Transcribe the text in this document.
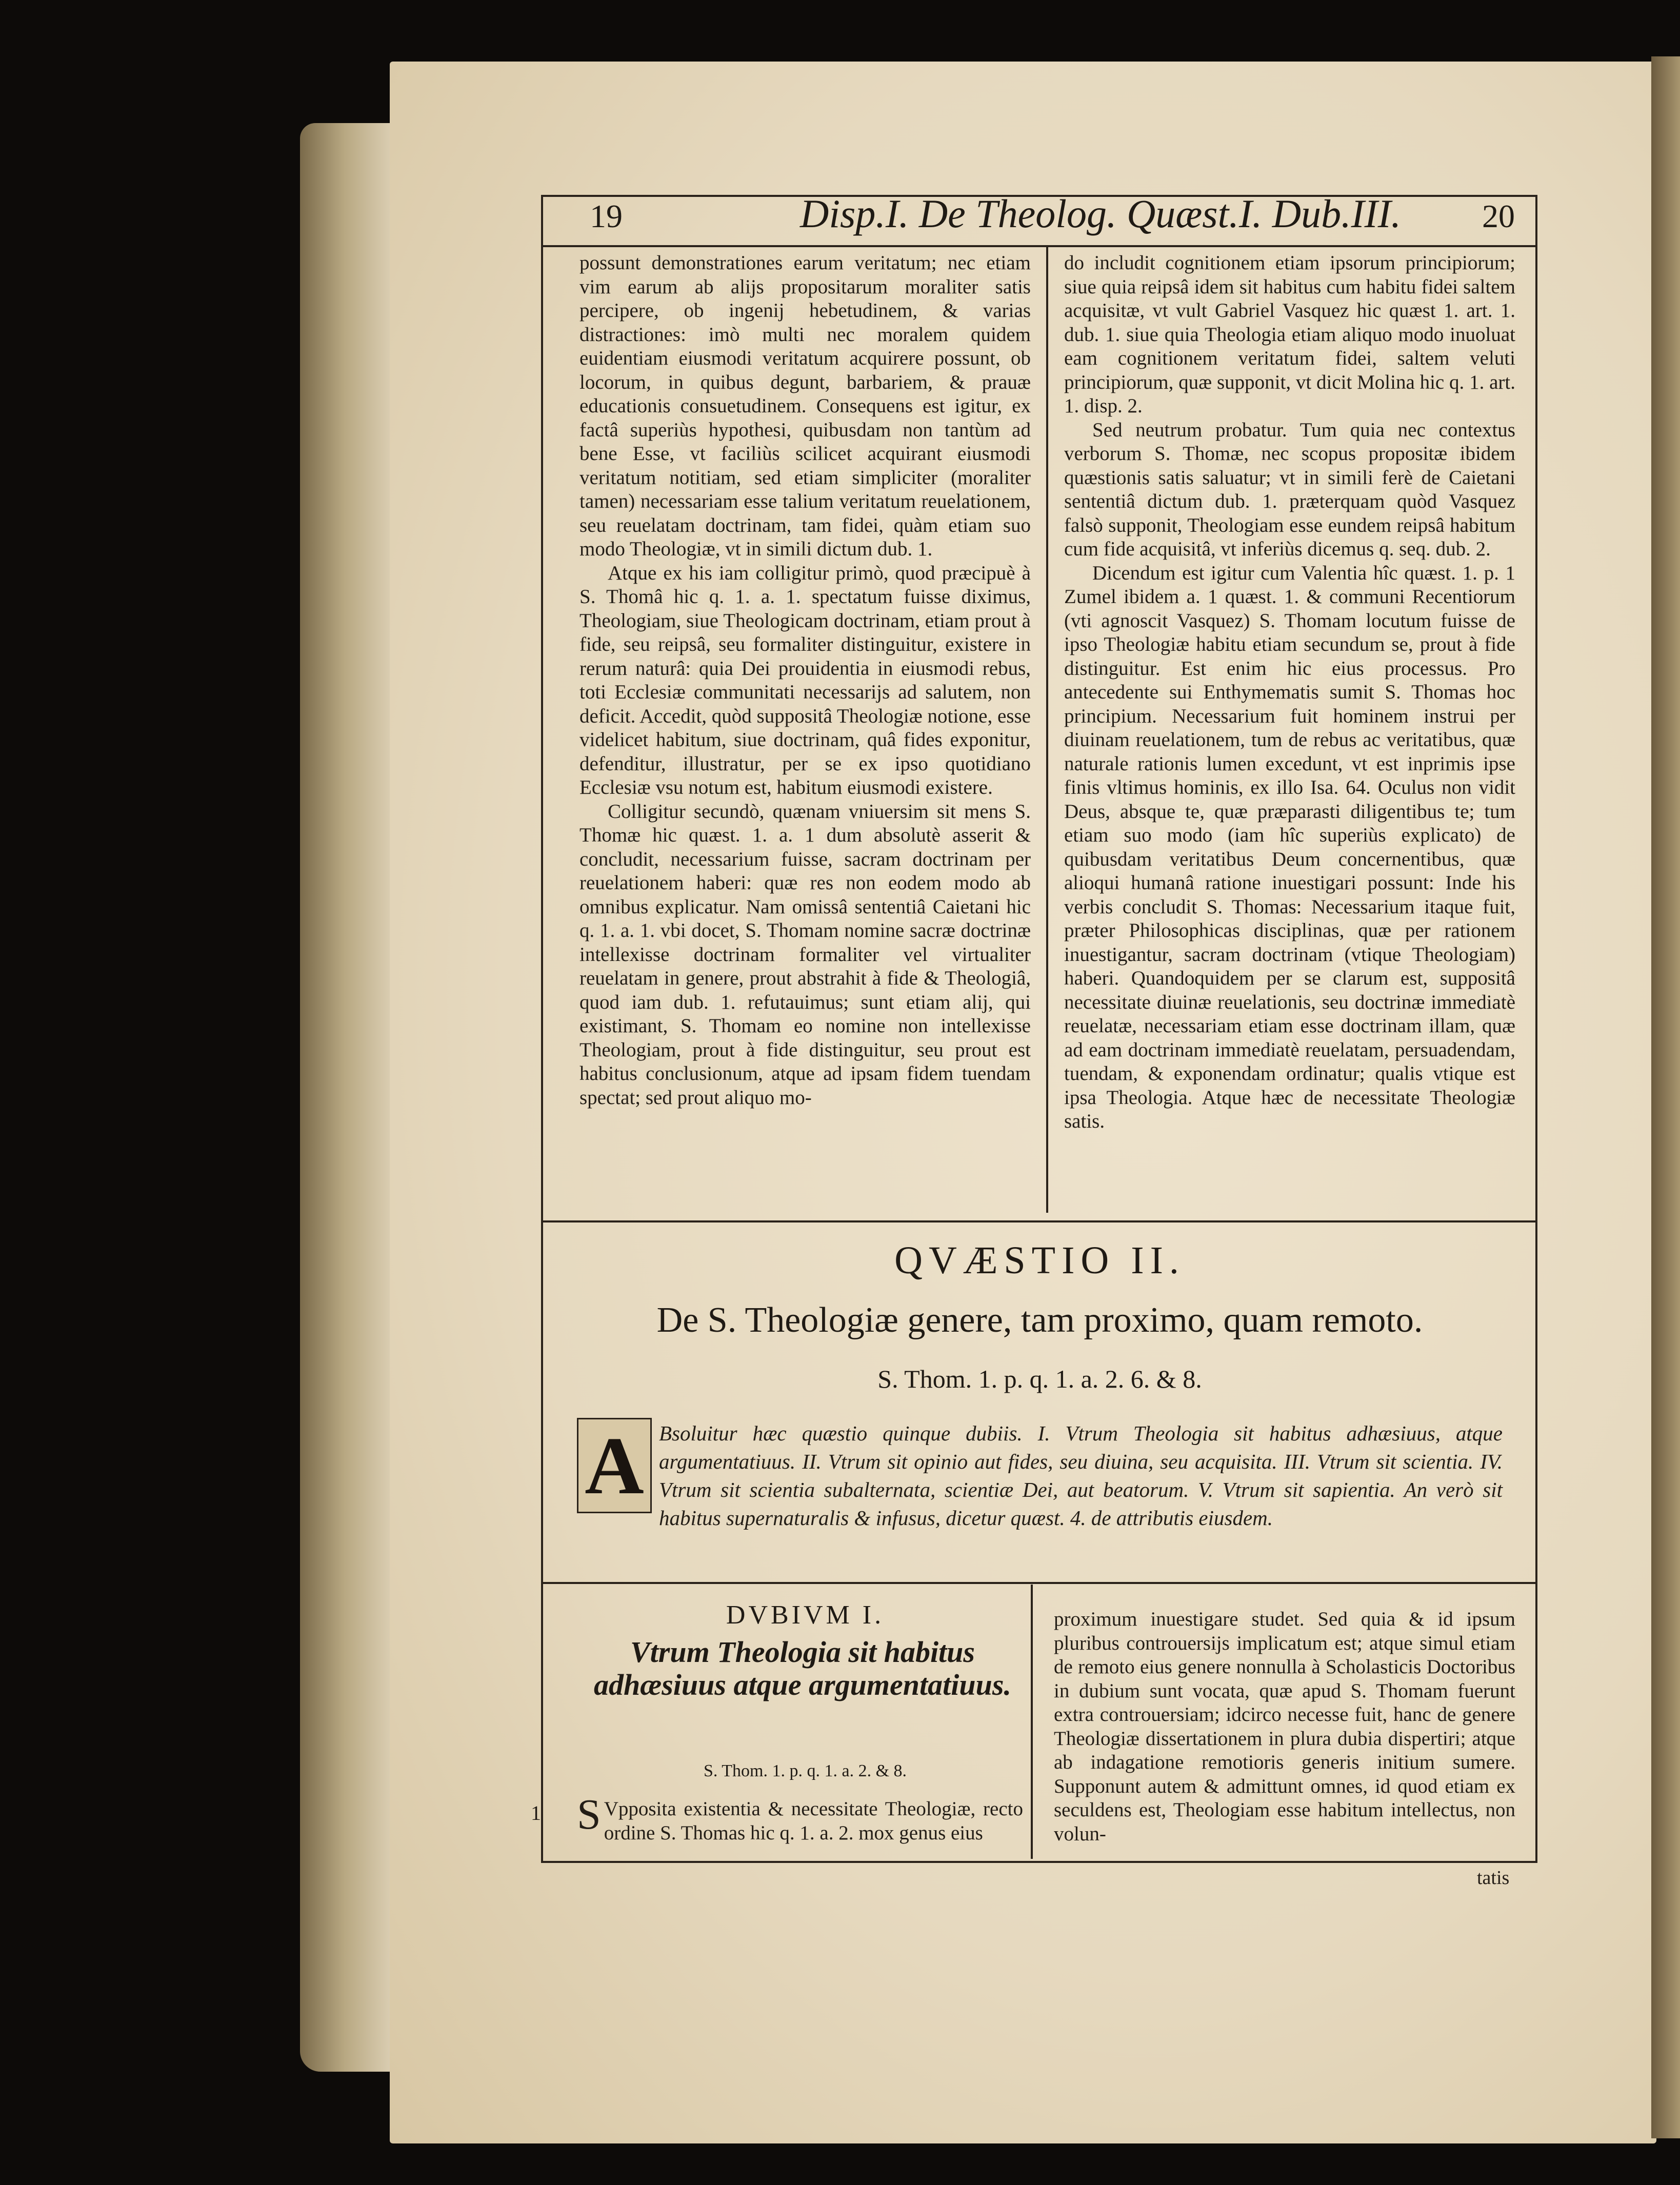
19	Disp.I. De Theolog. Quæst.I. Dub.III. 20

possunt demonstrationes earum veritatum; nec etiam vim earum ab alijs propositarum moraliter satis percipere, ob ingenij hebetudinem, & varias distractiones: imò multi nec moralem quidem euidentiam eiusmodi veritatum acquirere possunt, ob locorum, in quibus degunt, barbariem, & prauæ educationis consuetudinem. Consequens est igitur, ex factâ superiùs hypothesi, quibusdam non tantùm ad bene Esse, vt faciliùs scilicet acquirant eiusmodi veritatum notitiam, sed etiam simpliciter (moraliter tamen) necessariam esse talium veritatum reuelationem, seu reuelatam doctrinam, tam fidei, quàm etiam suo modo Theologiæ, vt in simili dictum dub. 1.

Atque ex his iam colligitur primò, quod præcipuè à S. Thomâ hic q. 1. a. 1. spectatum fuisse diximus, Theologiam, siue Theologicam doctrinam, etiam prout à fide, seu reipsâ, seu formaliter distinguitur, existere in rerum naturâ: quia Dei prouidentia in eiusmodi rebus, toti Ecclesiæ communitati necessarijs ad salutem, non deficit. Accedit, quòd suppositâ Theologiæ notione, esse videlicet habitum, siue doctrinam, quâ fides exponitur, defenditur, illustratur, per se ex ipso quotidiano Ecclesiæ vsu notum est, habitum eiusmodi existere.

Colligitur secundò, quænam vniuersim sit mens S. Thomæ hic quæst. 1. a. 1 dum absolutè asserit & concludit, necessarium fuisse, sacram doctrinam per reuelationem haberi: quæ res non eodem modo ab omnibus explicatur. Nam omissâ sententiâ Caietani hic q. 1. a. 1. vbi docet, S. Thomam nomine sacræ doctrinæ intellexisse doctrinam formaliter vel virtualiter reuelatam in genere, prout abstrahit à fide & Theologiâ, quod iam dub. 1. refutauimus; sunt etiam alij, qui existimant, S. Thomam eo nomine non intellexisse Theologiam, prout à fide distinguitur, seu prout est habitus conclusionum, atque ad ipsam fidem tuendam spectat; sed prout aliquo mo-

do includit cognitionem etiam ipsorum principiorum; siue quia reipsâ idem sit habitus cum habitu fidei saltem acquisitæ, vt vult Gabriel Vasquez hic quæst 1. art. 1. dub. 1. siue quia Theologia etiam aliquo modo inuoluat eam cognitionem veritatum fidei, saltem veluti principiorum, quæ supponit, vt dicit Molina hic q. 1. art. 1. disp. 2.

Sed neutrum probatur. Tum quia nec contextus verborum S. Thomæ, nec scopus propositæ ibidem quæstionis satis saluatur; vt in simili ferè de Caietani sententiâ dictum dub. 1. præterquam quòd Vasquez falsò supponit, Theologiam esse eundem reipsâ habitum cum fide acquisitâ, vt inferiùs dicemus q. seq. dub. 2.

Dicendum est igitur cum Valentia hîc quæst. 1. p. 1 Zumel ibidem a. 1 quæst. 1. & communi Recentiorum (vti agnoscit Vasquez) S. Thomam locutum fuisse de ipso Theologiæ habitu etiam secundum se, prout à fide distinguitur. Est enim hic eius processus. Pro antecedente sui Enthymematis sumit S. Thomas hoc principium. Necessarium fuit hominem instrui per diuinam reuelationem, tum de rebus ac veritatibus, quæ naturale rationis lumen excedunt, vt est inprimis ipse finis vltimus hominis, ex illo Isa. 64. Oculus non vidit Deus, absque te, quæ præparasti diligentibus te; tum etiam suo modo (iam hîc superiùs explicato) de quibusdam veritatibus Deum concernentibus, quæ alioqui humanâ ratione inuestigari possunt: Inde his verbis concludit S. Thomas: Necessarium itaque fuit, præter Philosophicas disciplinas, quæ per rationem inuestigantur, sacram doctrinam (vtique Theologiam) haberi. Quandoquidem per se clarum est, suppositâ necessitate diuinæ reuelationis, seu doctrinæ immediatè reuelatæ, necessariam etiam esse doctrinam illam, quæ ad eam doctrinam immediatè reuelatam, persuadendam, tuendam, & exponendam ordinatur; qualis vtique est ipsa Theologia. Atque hæc de necessitate Theologiæ satis.

QVÆSTIO II.
De S. Theologiæ genere, tam proximo, quam remoto.
S. Thom. 1. p. q. 1. a. 2. 6. & 8.
A Bsoluitur hæc quæstio quinque dubiis. I. Vtrum Theologia sit habitus adhæsiuus, atque argumentatiuus. II. Vtrum sit opinio aut fides, seu diuina, seu acquisita. III. Vtrum sit scientia. IV. Vtrum sit scientia subalternata, scientiæ Dei, aut beatorum. V. Vtrum sit sapientia. An verò sit habitus supernaturalis & infusus, dicetur quæst. 4. de attributis eiusdem.
DVBIVM I.
Vtrum Theologia sit habitus adhæsiuus atque argumentatiuus.
S. Thom. 1. p. q. 1. a. 2. & 8.
1 S Vpposita existentia & necessitate Theologiæ, recto ordine S. Thomas hic q. 1. a. 2. mox genus eius

proximum inuestigare studet. Sed quia & id ipsum pluribus controuersijs implicatum est; atque simul etiam de remoto eius genere nonnulla à Scholasticis Doctoribus in dubium sunt vocata, quæ apud S. Thomam fuerunt extra controuersiam; idcirco necesse fuit, hanc de genere Theologiæ dissertationem in plura dubia dispertiri; atque ab indagatione remotioris generis initium sumere. Supponunt autem & admittunt omnes, id quod etiam ex seculdens est, Theologiam esse habitum intellectus, non volun-

tatis
